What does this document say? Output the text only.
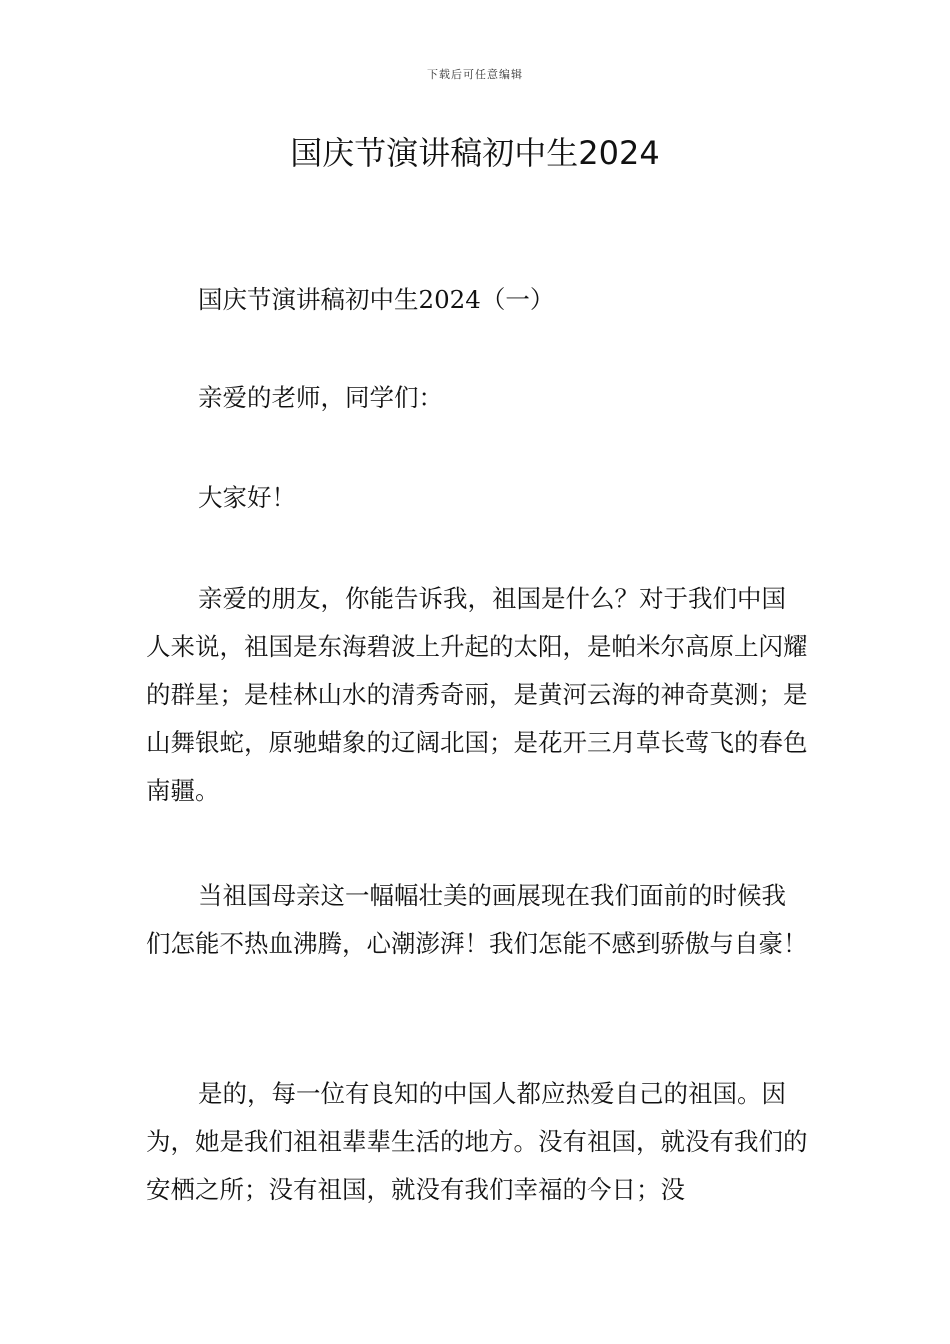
下载后可任意编辑
国庆节演讲稿初中生2024

国庆节演讲稿初中生2024（一）

亲爱的老师，同学们：

大家好！

亲爱的朋友，你能告诉我，祖国是什么？对于我们中国人来说，祖国是东海碧波上升起的太阳，是帕米尔高原上闪耀的群星；是桂林山水的清秀奇丽，是黄河云海的神奇莫测；是山舞银蛇，原驰蜡象的辽阔北国；是花开三月草长莺飞的春色南疆。

当祖国母亲这一幅幅壮美的画展现在我们面前的时候我们怎能不热血沸腾，心潮澎湃！我们怎能不感到骄傲与自豪！

是的，每一位有良知的中国人都应热爱自己的祖国。因为，她是我们祖祖辈辈生活的地方。没有祖国，就没有我们的安栖之所；没有祖国，就没有我们幸福的今日；没
